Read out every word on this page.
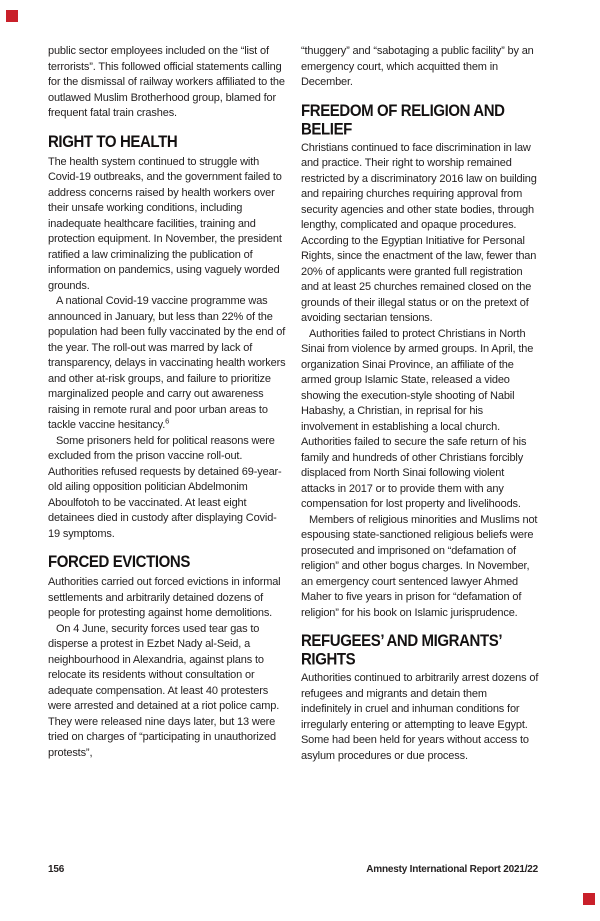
public sector employees included on the “list of terrorists”. This followed official statements calling for the dismissal of railway workers affiliated to the outlawed Muslim Brotherhood group, blamed for frequent fatal train crashes.

RIGHT TO HEALTH

The health system continued to struggle with Covid-19 outbreaks, and the government failed to address concerns raised by health workers over their unsafe working conditions, including inadequate healthcare facilities, training and protection equipment. In November, the president ratified a law criminalizing the publication of information on pandemics, using vaguely worded grounds.

A national Covid-19 vaccine programme was announced in January, but less than 22% of the population had been fully vaccinated by the end of the year. The roll-out was marred by lack of transparency, delays in vaccinating health workers and other at-risk groups, and failure to prioritize marginalized people and carry out awareness raising in remote rural and poor urban areas to tackle vaccine hesitancy.$^6$

Some prisoners held for political reasons were excluded from the prison vaccine roll-out. Authorities refused requests by detained 69-year-old ailing opposition politician Abdelmonim Aboulfotoh to be vaccinated. At least eight detainees died in custody after displaying Covid-19 symptoms.

FORCED EVICTIONS

Authorities carried out forced evictions in informal settlements and arbitrarily detained dozens of people for protesting against home demolitions.

On 4 June, security forces used tear gas to disperse a protest in Ezbet Nady al-Seid, a neighbourhood in Alexandria, against plans to relocate its residents without consultation or adequate compensation. At least 40 protesters were arrested and detained at a riot police camp. They were released nine days later, but 13 were tried on charges of “participating in unauthorized protests”,

“thuggery” and “sabotaging a public facility” by an emergency court, which acquitted them in December.

FREEDOM OF RELIGION AND BELIEF

Christians continued to face discrimination in law and practice. Their right to worship remained restricted by a discriminatory 2016 law on building and repairing churches requiring approval from security agencies and other state bodies, through lengthy, complicated and opaque procedures. According to the Egyptian Initiative for Personal Rights, since the enactment of the law, fewer than 20% of applicants were granted full registration and at least 25 churches remained closed on the grounds of their illegal status or on the pretext of avoiding sectarian tensions.

Authorities failed to protect Christians in North Sinai from violence by armed groups. In April, the organization Sinai Province, an affiliate of the armed group Islamic State, released a video showing the execution-style shooting of Nabil Habashy, a Christian, in reprisal for his involvement in establishing a local church. Authorities failed to secure the safe return of his family and hundreds of other Christians forcibly displaced from North Sinai following violent attacks in 2017 or to provide them with any compensation for lost property and livelihoods.

Members of religious minorities and Muslims not espousing state-sanctioned religious beliefs were prosecuted and imprisoned on “defamation of religion” and other bogus charges. In November, an emergency court sentenced lawyer Ahmed Maher to five years in prison for “defamation of religion” for his book on Islamic jurisprudence.

REFUGEES’ AND MIGRANTS’ RIGHTS

Authorities continued to arbitrarily arrest dozens of refugees and migrants and detain them indefinitely in cruel and inhuman conditions for irregularly entering or attempting to leave Egypt. Some had been held for years without access to asylum procedures or due process.

156	Amnesty International Report 2021/22
